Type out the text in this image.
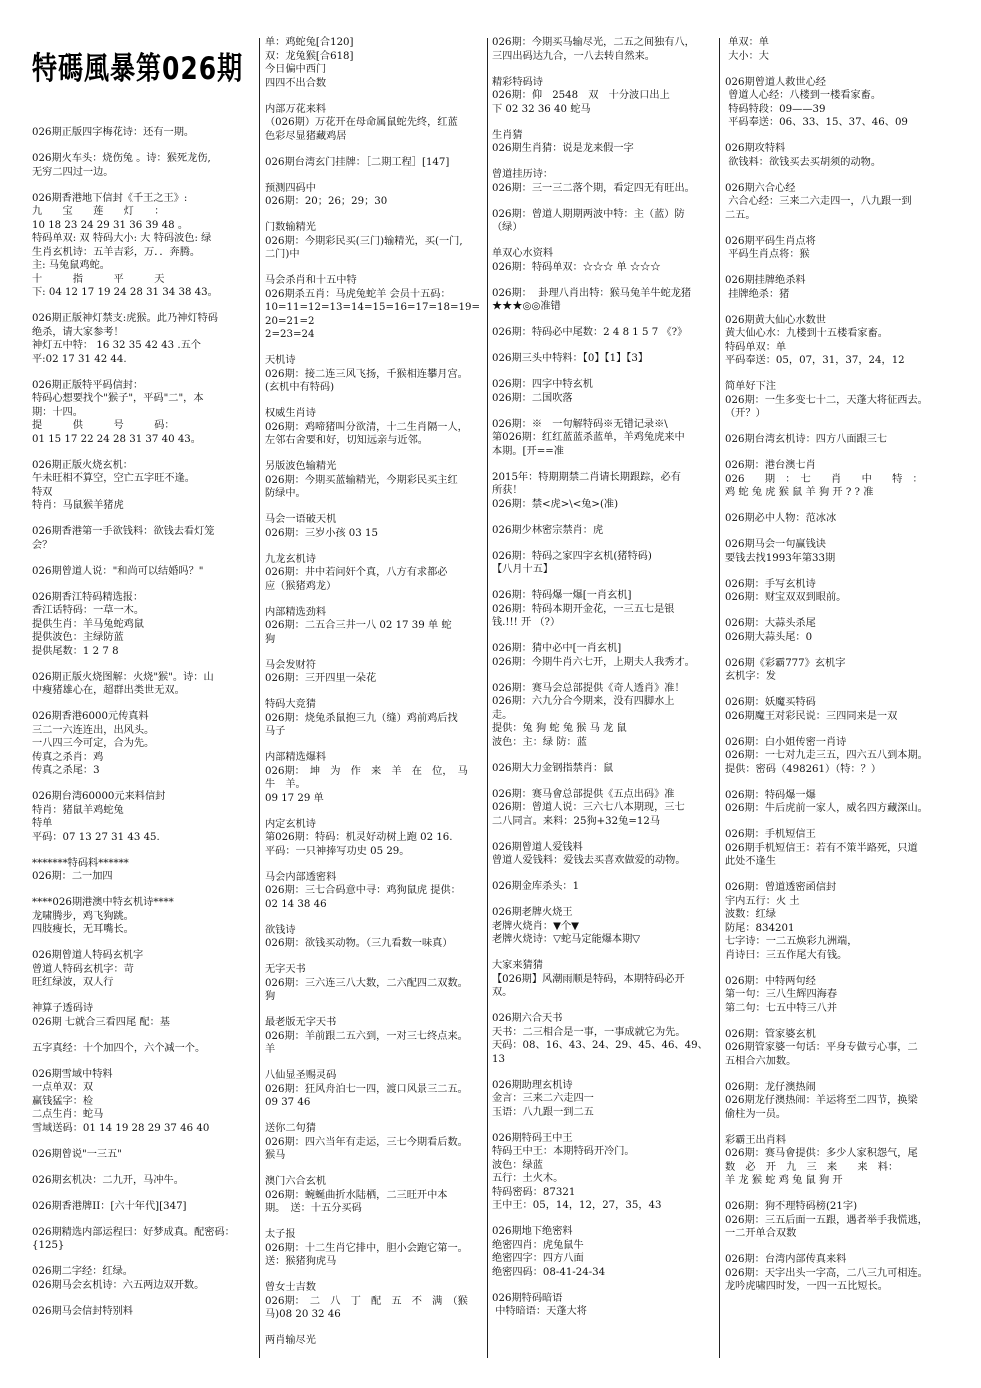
特碼風暴第026期
026期正版四字梅花诗：还有一期。
026期火车头：烧伤兔 。诗：猴死龙伤,
无穷二四过一边。
026期香港地下信封《千王之王》:
九　　宝　　莲　　灯　　：
10 18 23 24 29 31 36 39 48 。
特码单双: 双 特码大小: 大 特码波色: 绿
生肖玄机诗：五羊吉彩，万．．奔腾。
主: 马兔鼠鸡蛇。
十　　　指　　　平　　　天
下: 04 12 17 19 24 28 31 34 38 43。
026期正版神灯禁支:虎猴。此乃神灯特码
绝杀，请大家参考！
神灯五中特： 16 32 35 42 43 .五个
平:02 17 31 42 44.
026期正版特平码信封：
特码心想要找个"猴子"，平码"二"，本
期：十四。
提　　　供　　　号　　　码：
01 15 17 22 24 28 31 37 40 43。
026期正版火烧玄机：
午未旺相不算空，空亡五字旺不逢。
特双
特肖：马鼠猴羊猪虎
026期香港第一手欲钱料：欲钱去看灯笼
会？
026期曾道人说："和尚可以结婚吗？"
026期香江特码精选报：
香江话特码：一草一木。
提供生肖：羊马兔蛇鸡鼠
提供波色：主绿防蓝
提供尾数：1 2 7 8
026期正版火烧图解：火烧"猴"。诗：山
中瘦猪雄心在，超群出类世无双。
026期香港6000元传真料
三二一六连连出，出风头。
一八四三今可定，合为先。
传真之杀肖：鸡
传真之杀尾：3
026期台湾60000元来料信封
特肖：猪鼠羊鸡蛇兔
特单
平码：07 13 27 31 43 45.
*******特码料******
026期：二一加四
****026期港澳中特玄机诗****
龙啸腾步，鸡飞狗跳。
四肢瘦长，无耳嘴长。
026期曾道人特码玄机字
曾道人特码玄机字：苛
旺红绿波，双人行
神算子透码诗
026期 七就合三看四尾 配：基
五字真经：十个加四个，六个减一个。
026期雪域中特料
一点单双：双
赢钱猛字：检
二点生肖：蛇马
雪域送码：01 14 19 28 29 37 46 40
026期曾说"一三五"
026期玄机决：二九开，马冲牛。
026期香港牌II：[六十年代][347]
026期精选内部运程曰：好梦成真。配密码：
{125}
026期二字经：红绿。
026期马会玄机诗：六五两边双开数。
026期马会信封特别料
单：鸡蛇兔[合120]
双：龙兔猴[合618]
今日偏中西门
四四不出合数
内部万花来料
（026期）万花开在母命属鼠蛇先终，红蓝
色彩尽显猪藏鸡居
026期台湾玄门挂牌：［二期工程］[147]
预测四码中
026期：20；26；29；30
门数输精光
026期：今期彩民买(三门)输精光，买(一门,
二门)中
马会杀肖和十五中特
026期杀五肖：马虎兔蛇羊 会员十五码：
10=11=12=13=14=15=16=17=18=19=20=21=2
2=23=24
天机诗
026期：接二连三风飞扬，千猴相连攀月宫。
(玄机中有特码)
权威生肖诗
026期：鸡啼猪叫分欲清，十二生肖隔一人，
左邻右舍要和好，切知远亲与近邻。
另版波色输精光
026期：今期买蓝输精光，今期彩民买主红
防绿中。
马会一语破天机
026期：三岁小孩 03 15
九龙玄机诗
026期：井中若问奸个真，八方有求都必
应（猴猪鸡龙）
内部精选劲料
026期：二五合三井一八 02 17 39 单 蛇
狗
马会发财符
026期：三开四里一朵花
特码大竞猜
026期：烧兔杀鼠抱三九（缝）鸡前鸡后找
马子
内部精选爆料
026期：　坤　为　作　来　羊　在　位，　马　牛　羊。
09 17 29 单
内定玄机诗
第026期：特码：机灵好动树上跑 02 16.
平码：一只神捧写功史 05 29。
马会内部透密料
026期：三七合码意中寻：鸡狗鼠虎 提供：
02 14 38 46
欲钱诗
026期：欲钱买动物。（三九看数一味真）
无字天书
026期：三六连三八大数，二六配四二双数。
狗
最老版无字天书
026期：羊前跟二五六到，一对三七终点来。
羊
八仙显圣赐灵码
026期：狂风舟泊七一四，渡口风景三二五。
09 37 46
送你二句猜
026期：四六当年有走运，三七今期看后数。
猴马
澳门六合玄机
026期：蜿蜒曲折水陆栖，二三旺开中本
期。　送：十五分买码
太子报
026期：十二生肖它排中，胆小会跑它第一。
送：猴猪狗虎马
曾女士吉数
026期：　二　八　丁　配　五　不　满　（猴
马)08 20 32 46
两肖输尽光
026期：今期买马输尽光，二五之间独有八，
三四出码达九合，一八去转自然来。
精彩特码诗
026期：仰　2548　双　十分波口出上
下 02 32 36 40 蛇马
生肖猜
026期生肖猜：说是龙来假一字
曾道挂历诗：
026期：三一三二落个期，看定四无有旺出。
026期：曾道人期期两波中特：主（蓝）防
（绿）
单双心水资料
026期：特码单双：☆☆☆ 单 ☆☆☆
026期：  卦理八肖出特：猴马兔羊牛蛇龙猪
★★★◎◎准错
026期：特码必中尾数：2 4 8 1 5 7 《?》
026期三头中特料：【0】【1】【3】
026期：四字中特玄机
026期：二国吹落
026期：※　一句解特码※无错记录※\
第026期：红红蓝蓝杀蓝单，羊鸡兔虎来中
本期。[开==准
2015年：特期期禁二肖请长期跟踪，必有
所获！
026期：禁<虎>\<兔>(准)
026期少林密宗禁肖：虎
026期：特码之家四字玄机(猪特码)
【八月十五】
026期：特码爆一爆[一肖玄机]
026期：特码本期开金花，一三五七是银
钱.!!! 开 （?）
026期：猜中必中[一肖玄机]
026期：今期牛肖六七开，上期夫人我秀才。
026期：赛马会总部提供《奇人透肖》准！
026期：六九分合今期来，没有四脚水上
走。
提供：兔 狗 蛇 兔 猴 马 龙 鼠
波色：主：绿 防：蓝
026期大力金钢指禁肖：鼠
026期：赛马會总部提供《五点出码》准
026期：曾道人说：三六七八本期现，三七
二八同言。来料：25狗+32兔=12马
026期曾道人爱钱料
曾道人爱钱料：爱钱去买喜欢做爱的动物。
026期金库杀头：1
026期老牌火烧王
老牌火烧肖：▼个▼
老牌火烧诗：▽蛇马定能爆本期▽
大家来猜猜
【026期】风潮雨顺是特码，本期特码必开
双。
026期六合天书
天书：二三相合是一事，一事成就它为先。
天码：08、16、43、24、29、45、46、49、
13
026期助理玄机诗
金言：三来二六走四一
玉语：八九跟一到二五
026期特码王中王
特码王中王：本期特码开冷门。
波色：绿蓝
五行：土火木。
特码密码：87321
王中王：05，14，12，27，35，43
026期地下绝密料
绝密四肖：虎兔鼠牛
绝密四字：四方八面
绝密四码：08-41-24-34
026期特码暗语
中特暗语：天蓬大将
单双：单
大小：大
026期曾道人救世心经
曾道人心经：八楼到一楼看家畜。
特码特段：09——39
平码奉送：06、33、15、37、46、09
026期攻特料
欲钱料：欲钱买去买胡须的动物。
026期六合心经
六合心经：三来二六走四一，八九跟一到
二五。
026期平码生肖点将
平码生肖点将：猴
026期挂牌绝杀料
挂牌绝杀：猪
026期黄大仙心水数世
黄大仙心水：九楼到十五楼看家畜。
特码单双：单
平码奉送：05，07，31，37，24，12
简单好下注
026期：一生多变七十二，天蓬大将征西去。
（开？）
026期台湾玄机诗：四方八面跟三七
026期：港台澳七肖
026　　期　：　七　　肖　　中　　特　：
鸡 蛇 兔 虎 猴 鼠 羊 狗 开 ? ? 准
026期必中人物：范冰冰
026期马会一句赢钱诀
要钱去找1993年第33期
026期：手写玄机诗
026期：财宝双双到眼前。
026期：大蒜头杀尾
026期大蒜头尾：0
026期《彩霸777》玄机字
玄机字：发
026期：妖魔买特码
026期魔王对彩民说：三四同来是一双
026期：白小姐传密一肖诗
026期：一七对九走三五，四六五八到本期。
提供：密码（498261）（特：？）
026期：特码爆一爆
026期：牛后虎前一家人，威名四方藏深山。
026期：手机短信王
026期手机短信王：若有不策半路死，只道
此处不逢生
026期：曾道透密函信封
宇内五行：火 土
波数：红绿
防尾：834201
七字诗：一二五焕彩九洲端，
肖诗曰：三五作尾大有钱。
026期：中特两句经
第一句：三八生辉四海春
第二句：七五中特三八并
026期：管家婆玄机
026期管家婆一句话：平身专做亏心事，二
五相合六加数。
026期：龙仔澳热闹
026期龙仔澳热闹：羊运将至二四节，换梁
偷柱为一员。
彩霸王出肖料
026期：赛马會提供：多少人家积怨气，尾
数　必　开　九　三　来　　来　料：
羊 龙 猴 蛇 鸡 兔 鼠 狗 开
026期：狗不理特码榜(21字)
026期：三五后面一五跟，遇者举手我慌逃，
一二开单合双数
026期：台湾内部传真来料
026期：天字出头一字高，二八三九可相连。
龙吟虎啸四时发，一四一五比短长。
